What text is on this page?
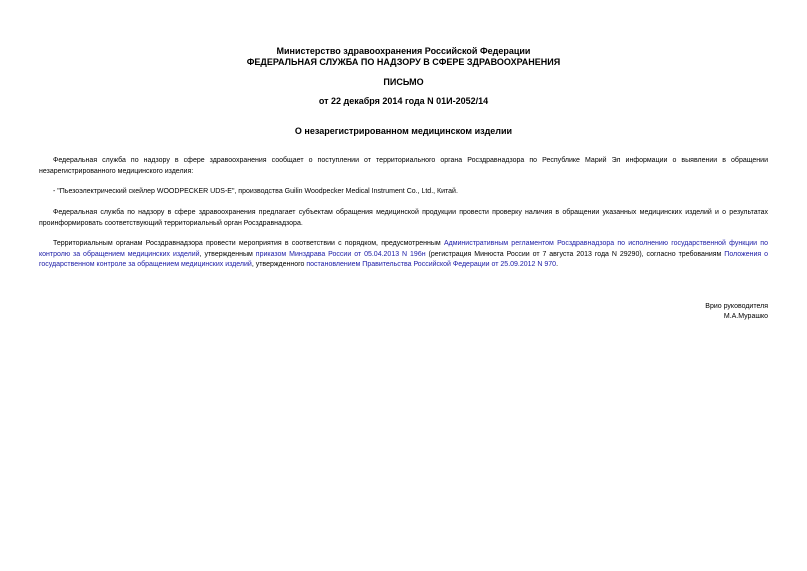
Министерство здравоохранения Российской Федерации
ФЕДЕРАЛЬНАЯ СЛУЖБА ПО НАДЗОРУ В СФЕРЕ ЗДРАВООХРАНЕНИЯ
ПИСЬМО
от 22 декабря 2014 года N 01И-2052/14
О незарегистрированном медицинском изделии

Федеральная служба по надзору в сфере здравоохранения сообщает о поступлении от территориального органа Росздравнадзора по Республике Марий Эл информации о выявлении в обращении незарегистрированного медицинского изделия:

- "Пьезоэлектрический скейлер WOODPECKER UDS-E", производства Guilin Woodpecker Medical Instrument Co., Ltd., Китай.

Федеральная служба по надзору в сфере здравоохранения предлагает субъектам обращения медицинской продукции провести проверку наличия в обращении указанных медицинских изделий и о результатах проинформировать соответствующий территориальный орган Росздравнадзора.

Территориальным органам Росздравнадзора провести мероприятия в соответствии с порядком, предусмотренным Административным регламентом Росздравнадзора по исполнению государственной функции по контролю за обращением медицинских изделий, утвержденным приказом Минздрава России от 05.04.2013 N 196н (регистрация Минюста России от 7 августа 2013 года N 29290), согласно требованиям Положения о государственном контроле за обращением медицинских изделий, утвержденного постановлением Правительства Российской Федерации от 25.09.2012 N 970.

Врио руководителя
М.А.Мурашко
